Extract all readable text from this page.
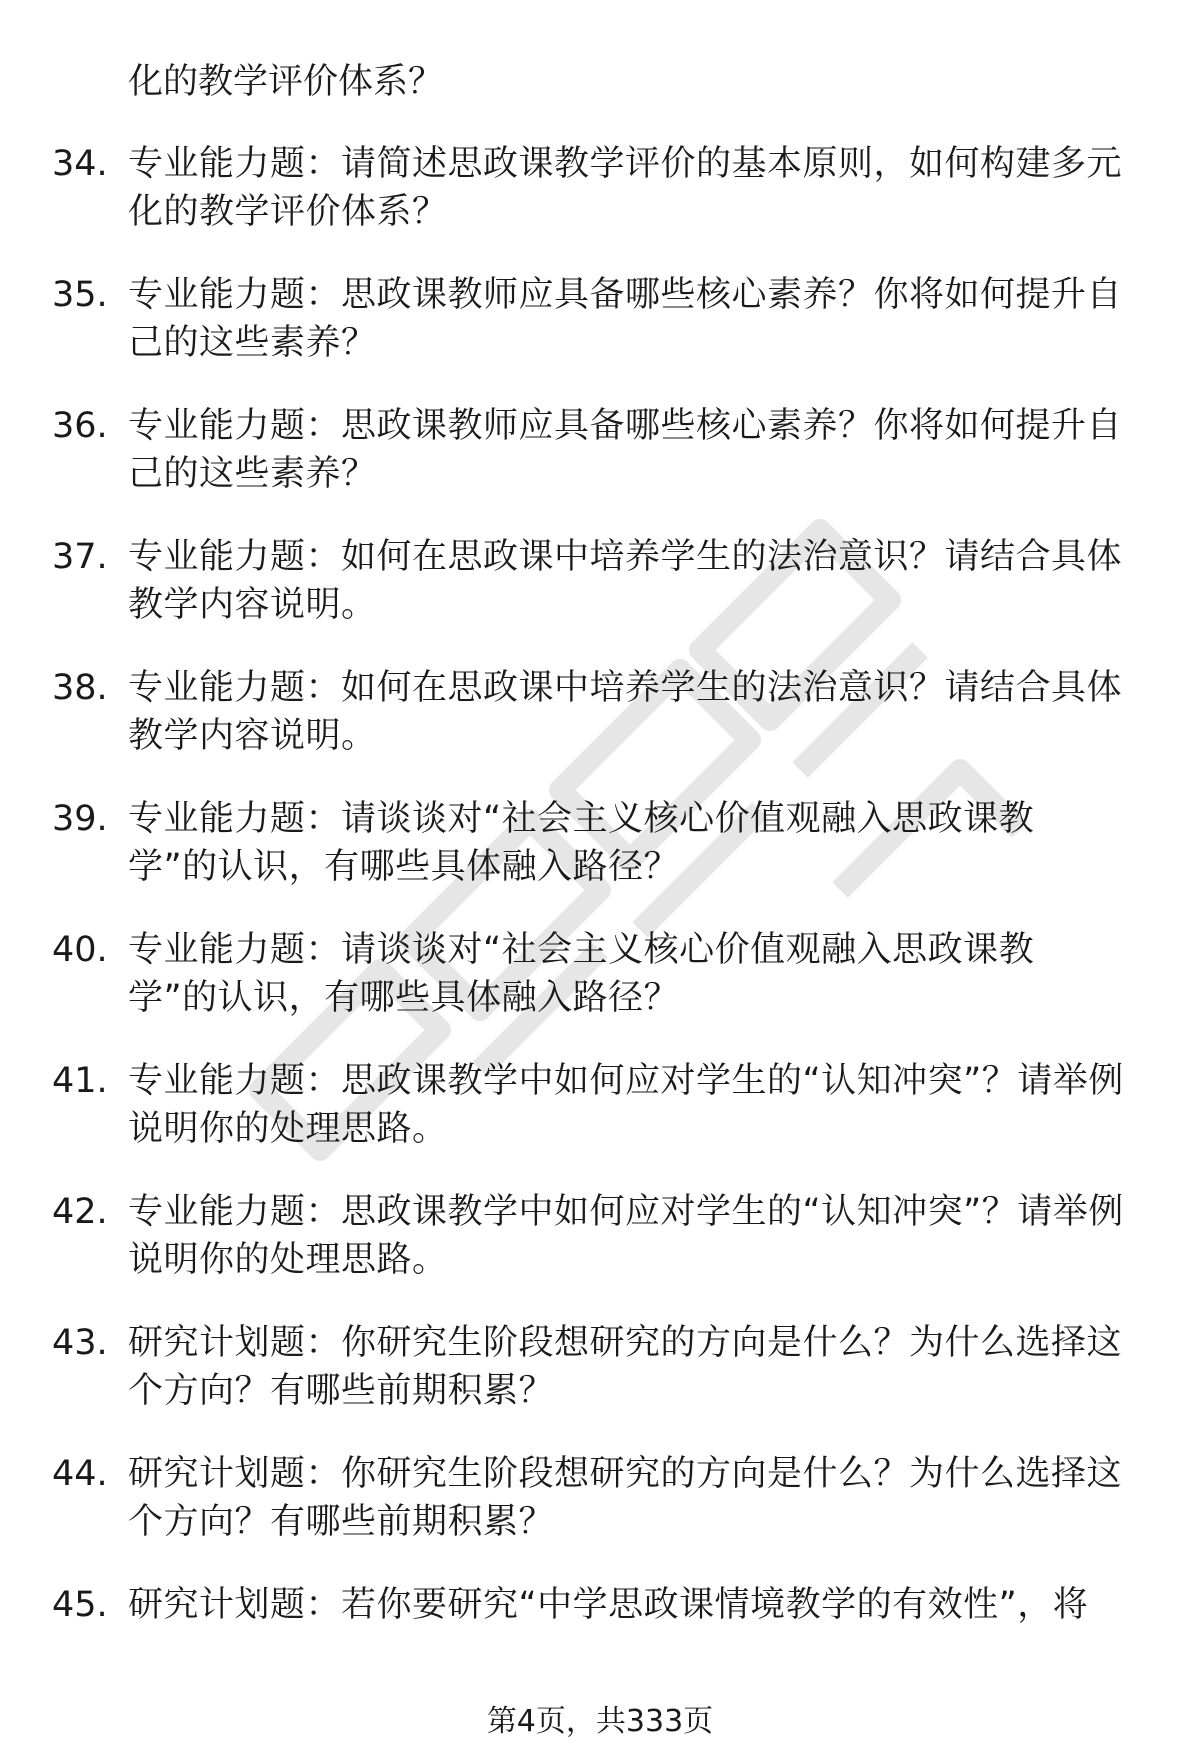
化的教学评价体系？
34. 专业能力题：请简述思政课教学评价的基本原则，如何构建多元化的教学评价体系？
35. 专业能力题：思政课教师应具备哪些核心素养？你将如何提升自己的这些素养？
36. 专业能力题：思政课教师应具备哪些核心素养？你将如何提升自己的这些素养？
37. 专业能力题：如何在思政课中培养学生的法治意识？请结合具体教学内容说明。
38. 专业能力题：如何在思政课中培养学生的法治意识？请结合具体教学内容说明。
39. 专业能力题：请谈谈对“社会主义核心价值观融入思政课教学”的认识，有哪些具体融入路径？
40. 专业能力题：请谈谈对“社会主义核心价值观融入思政课教学”的认识，有哪些具体融入路径？
41. 专业能力题：思政课教学中如何应对学生的“认知冲突”？请举例说明你的处理思路。
42. 专业能力题：思政课教学中如何应对学生的“认知冲突”？请举例说明你的处理思路。
43. 研究计划题：你研究生阶段想研究的方向是什么？为什么选择这个方向？有哪些前期积累？
44. 研究计划题：你研究生阶段想研究的方向是什么？为什么选择这个方向？有哪些前期积累？
45. 研究计划题：若你要研究“中学思政课情境教学的有效性”，将
第4页，共333页
